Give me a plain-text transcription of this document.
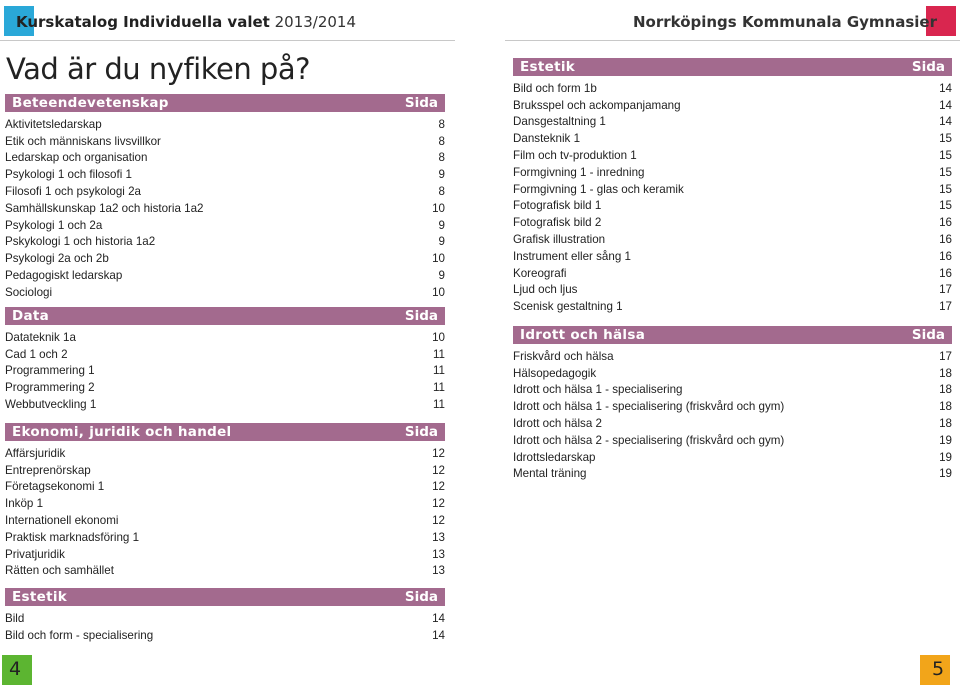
Kurskatalog Individuella valet 2013/2014	Norrköpings Kommunala Gymnasier
Vad är du nyfiken på?
Beteendevetenskap	Sida
Aktivitetsledarskap	8
Etik och människans livsvillkor	8
Ledarskap och organisation	8
Psykologi 1 och filosofi 1	9
Filosofi 1 och psykologi 2a	8
Samhällskunskap 1a2 och historia 1a2	10
Psykologi 1 och 2a	9
Pskykologi 1 och historia 1a2	9
Psykologi 2a och 2b	10
Pedagogiskt ledarskap	9
Sociologi	10
Data	Sida
Datateknik 1a	10
Cad 1 och 2	11
Programmering 1	11
Programmering 2	11
Webbutveckling 1	11
Ekonomi, juridik och handel	Sida
Affärsjuridik	12
Entreprenörskap	12
Företagsekonomi 1	12
Inköp 1	12
Internationell ekonomi	12
Praktisk marknadsföring 1	13
Privatjuridik	13
Rätten och samhället	13
Estetik	Sida
Bild	14
Bild och form - specialisering	14
Estetik	Sida
Bild och form 1b	14
Bruksspel och ackompanjamang	14
Dansgestaltning 1	14
Dansteknik 1	15
Film och tv-produktion 1	15
Formgivning 1 - inredning	15
Formgivning 1 - glas och keramik	15
Fotografisk bild 1	15
Fotografisk bild 2	16
Grafisk illustration	16
Instrument eller sång 1	16
Koreografi	16
Ljud och ljus	17
Scenisk gestaltning 1	17
Idrott och hälsa	Sida
Friskvård och hälsa	17
Hälsopedagogik	18
Idrott och hälsa 1 - specialisering	18
Idrott och hälsa 1 - specialisering (friskvård och gym)	18
Idrott och hälsa 2	18
Idrott och hälsa 2 - specialisering (friskvård och gym)	19
Idrottsledarskap	19
Mental träning	19
4	5
